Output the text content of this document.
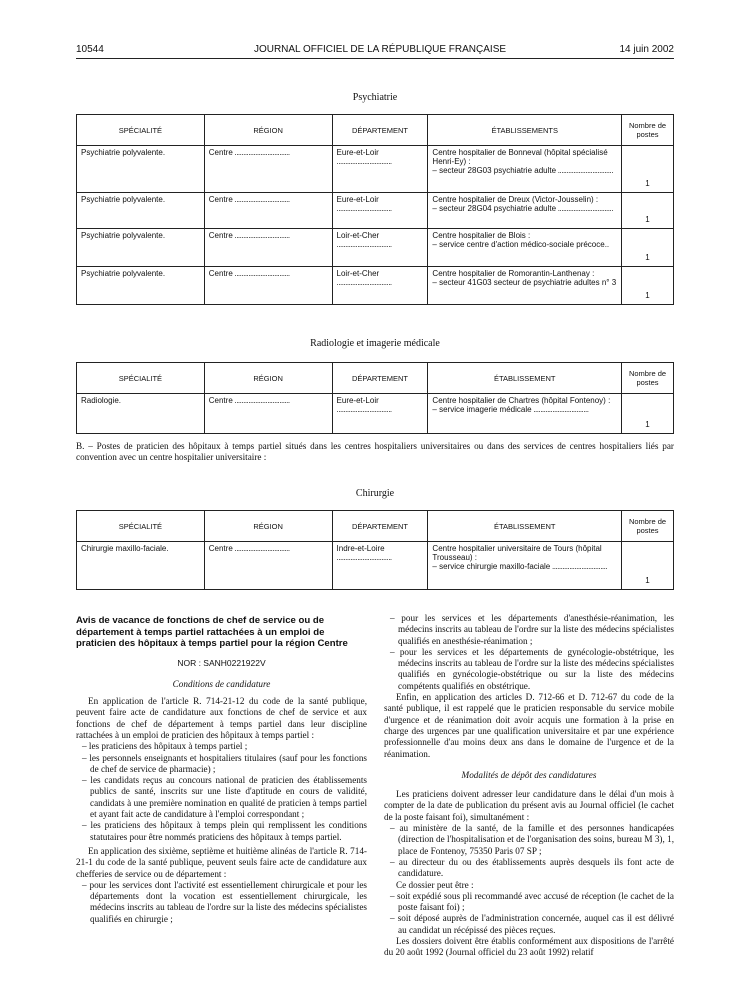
10544	JOURNAL OFFICIEL DE LA RÉPUBLIQUE FRANÇAISE	14 juin 2002
Psychiatrie
SPÉCIALITÉ	RÉGION	DÉPARTEMENT	ÉTABLISSEMENTS	Nombre de postes
Psychiatrie polyvalente.	Centre .....	Eure-et-Loir .....	Centre hospitalier de Bonneval (hôpital spécialisé Henri-Ey) :
– secteur 28G03 psychiatrie adulte .....	1
Psychiatrie polyvalente.	Centre .....	Eure-et-Loir .....	Centre hospitalier de Dreux (Victor-Jousselin) :
– secteur 28G04 psychiatrie adulte .....	1
Psychiatrie polyvalente.	Centre .....	Loir-et-Cher .....	Centre hospitalier de Blois :
– service centre d'action médico-sociale précoce..	1
Psychiatrie polyvalente.	Centre .....	Loir-et-Cher .....	Centre hospitalier de Romorantin-Lanthenay :
– secteur 41G03 secteur de psychiatrie adultes n° 3	1
Radiologie et imagerie médicale
SPÉCIALITÉ	RÉGION	DÉPARTEMENT	ÉTABLISSEMENT	Nombre de postes
Radiologie.	Centre .....	Eure-et-Loir .....	Centre hospitalier de Chartres (hôpital Fontenoy) :
– service imagerie médicale .....	1
B. – Postes de praticien des hôpitaux à temps partiel situés dans les centres hospitaliers universitaires ou dans des services de centres hospitaliers liés par convention avec un centre hospitalier universitaire :
Chirurgie
SPÉCIALITÉ	RÉGION	DÉPARTEMENT	ÉTABLISSEMENT	Nombre de postes
Chirurgie maxillo-faciale.	Centre .....	Indre-et-Loire .....	Centre hospitalier universitaire de Tours (hôpital Trousseau) :
– service chirurgie maxillo-faciale .....	1

Avis de vacance de fonctions de chef de service ou de département à temps partiel rattachées à un emploi de praticien des hôpitaux à temps partiel pour la région Centre

NOR : SANH0221922V

Conditions de candidature

En application de l'article R. 714-21-12 du code de la santé publique, peuvent faire acte de candidature aux fonctions de chef de service et aux fonctions de chef de département à temps partiel dans leur discipline rattachées à un emploi de praticien des hôpitaux à temps partiel :

– les praticiens des hôpitaux à temps partiel ;

– les personnels enseignants et hospitaliers titulaires (sauf pour les fonctions de chef de service de pharmacie) ;

– les candidats reçus au concours national de praticien des établissements publics de santé, inscrits sur une liste d'aptitude en cours de validité, candidats à une première nomination en qualité de praticien à temps partiel et ayant fait acte de candidature à l'emploi correspondant ;

– les praticiens des hôpitaux à temps plein qui remplissent les conditions statutaires pour être nommés praticiens des hôpitaux à temps partiel.

En application des sixième, septième et huitième alinéas de l'article R. 714-21-1 du code de la santé publique, peuvent seuls faire acte de candidature aux chefferies de service ou de département :

– pour les services dont l'activité est essentiellement chirurgicale et pour les départements dont la vocation est essentiellement chirurgicale, les médecins inscrits au tableau de l'ordre sur la liste des médecins spécialistes qualifiés en chirurgie ;

– pour les services et les départements d'anesthésie-réanimation, les médecins inscrits au tableau de l'ordre sur la liste des médecins spécialistes qualifiés en anesthésie-réanimation ;

– pour les services et les départements de gynécologie-obstétrique, les médecins inscrits au tableau de l'ordre sur la liste des médecins spécialistes qualifiés en gynécologie-obstétrique ou sur la liste des médecins compétents qualifiés en obstétrique.

Enfin, en application des articles D. 712-66 et D. 712-67 du code de la santé publique, il est rappelé que le praticien responsable du service mobile d'urgence et de réanimation doit avoir acquis une formation à la prise en charge des urgences par une qualification universitaire et par une expérience professionnelle d'au moins deux ans dans le domaine de l'urgence et de la réanimation.

Modalités de dépôt des candidatures

Les praticiens doivent adresser leur candidature dans le délai d'un mois à compter de la date de publication du présent avis au Journal officiel (le cachet de la poste faisant foi), simultanément :

– au ministère de la santé, de la famille et des personnes handicapées (direction de l'hospitalisation et de l'organisation des soins, bureau M 3), 1, place de Fontenoy, 75350 Paris 07 SP ;

– au directeur du ou des établissements auprès desquels ils font acte de candidature.

Ce dossier peut être :

– soit expédié sous pli recommandé avec accusé de réception (le cachet de la poste faisant foi) ;

– soit déposé auprès de l'administration concernée, auquel cas il est délivré au candidat un récépissé des pièces reçues.

Les dossiers doivent être établis conformément aux dispositions de l'arrêté du 20 août 1992 (Journal officiel du 23 août 1992) relatif
